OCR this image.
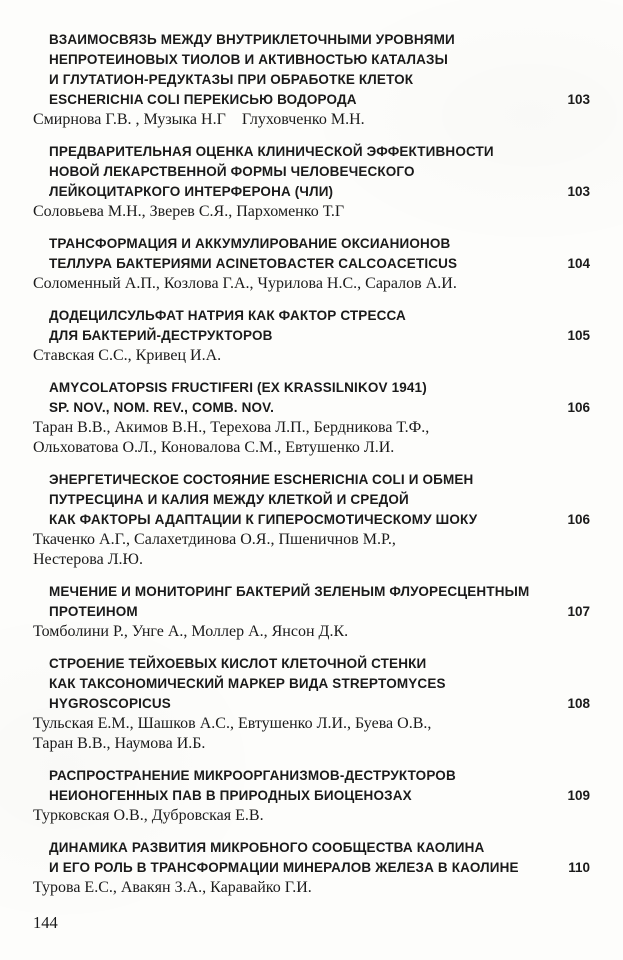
ВЗАИМОСВЯЗЬ МЕЖДУ ВНУТРИКЛЕТОЧНЫМИ УРОВНЯМИ
НЕПРОТЕИНОВЫХ ТИОЛОВ И АКТИВНОСТЬЮ КАТАЛАЗЫ
И ГЛУТАТИОН-РЕДУКТАЗЫ ПРИ ОБРАБОТКЕ КЛЕТОК
ESCHERICHIA COLI ПЕРЕКИСЬЮ ВОДОРОДА	103
Смирнова Г.В. , Музыка Н.Г    Глуховченко М.Н.
ПРЕДВАРИТЕЛЬНАЯ ОЦЕНКА КЛИНИЧЕСКОЙ ЭФФЕКТИВНОСТИ
НОВОЙ ЛЕКАРСТВЕННОЙ ФОРМЫ ЧЕЛОВЕЧЕСКОГО
ЛЕЙКОЦИТАРКОГО ИНТЕРФЕРОНА (ЧЛИ)	103
Соловьева М.Н., Зверев С.Я., Пархоменко Т.Г
ТРАНСФОРМАЦИЯ И АККУМУЛИРОВАНИЕ ОКСИАНИОНОВ
ТЕЛЛУРА БАКТЕРИЯМИ ACINETOBACTER CALCOACETICUS	104
Соломенный А.П., Козлова Г.А., Чурилова Н.С., Саралов А.И.
ДОДЕЦИЛСУЛЬФАТ НАТРИЯ КАК ФАКТОР СТРЕССА
ДЛЯ БАКТЕРИЙ-ДЕСТРУКТОРОВ	105
Ставская С.С., Кривец И.А.
AMYCOLATOPSIS FRUCTIFERI (EX KRASSILNIKOV 1941)
SP. NOV., NOM. REV., COMB. NOV.	106
Таран В.В., Акимов В.Н., Терехова Л.П., Бердникова Т.Ф.,
Ольховатова О.Л., Коновалова С.М., Евтушенко Л.И.
ЭНЕРГЕТИЧЕСКОЕ СОСТОЯНИЕ ESCHERICHIA COLI И ОБМЕН
ПУТРЕСЦИНА И КАЛИЯ МЕЖДУ КЛЕТКОЙ И СРЕДОЙ
КАК ФАКТОРЫ АДАПТАЦИИ К ГИПЕРОСМОТИЧЕСКОМУ ШОКУ	106
Ткаченко А.Г., Салахетдинова О.Я., Пшеничнов М.Р.,
Нестерова Л.Ю.
МЕЧЕНИЕ И МОНИТОРИНГ БАКТЕРИЙ ЗЕЛЕНЫМ ФЛУОРЕСЦЕНТНЫМ
ПРОТЕИНОМ	107
Томболини Р., Унге А., Моллер А., Янсон Д.К.
СТРОЕНИЕ ТЕЙХОЕВЫХ КИСЛОТ КЛЕТОЧНОЙ СТЕНКИ
КАК ТАКСОНОМИЧЕСКИЙ МАРКЕР ВИДА STREPTOMYCES
HYGROSCOPICUS	108
Тульская Е.М., Шашков А.С., Евтушенко Л.И., Буева О.В.,
Таран В.В., Наумова И.Б.
РАСПРОСТРАНЕНИЕ МИКРООРГАНИЗМОВ-ДЕСТРУКТОРОВ
НЕИОНОГЕННЫХ ПАВ В ПРИРОДНЫХ БИОЦЕНОЗАХ	109
Турковская О.В., Дубровская Е.В.
ДИНАМИКА РАЗВИТИЯ МИКРОБНОГО СООБЩЕСТВА КАОЛИНА
И ЕГО РОЛЬ В ТРАНСФОРМАЦИИ МИНЕРАЛОВ ЖЕЛЕЗА В КАОЛИНЕ	110
Турова Е.С., Авакян З.А., Каравайко Г.И.
144
